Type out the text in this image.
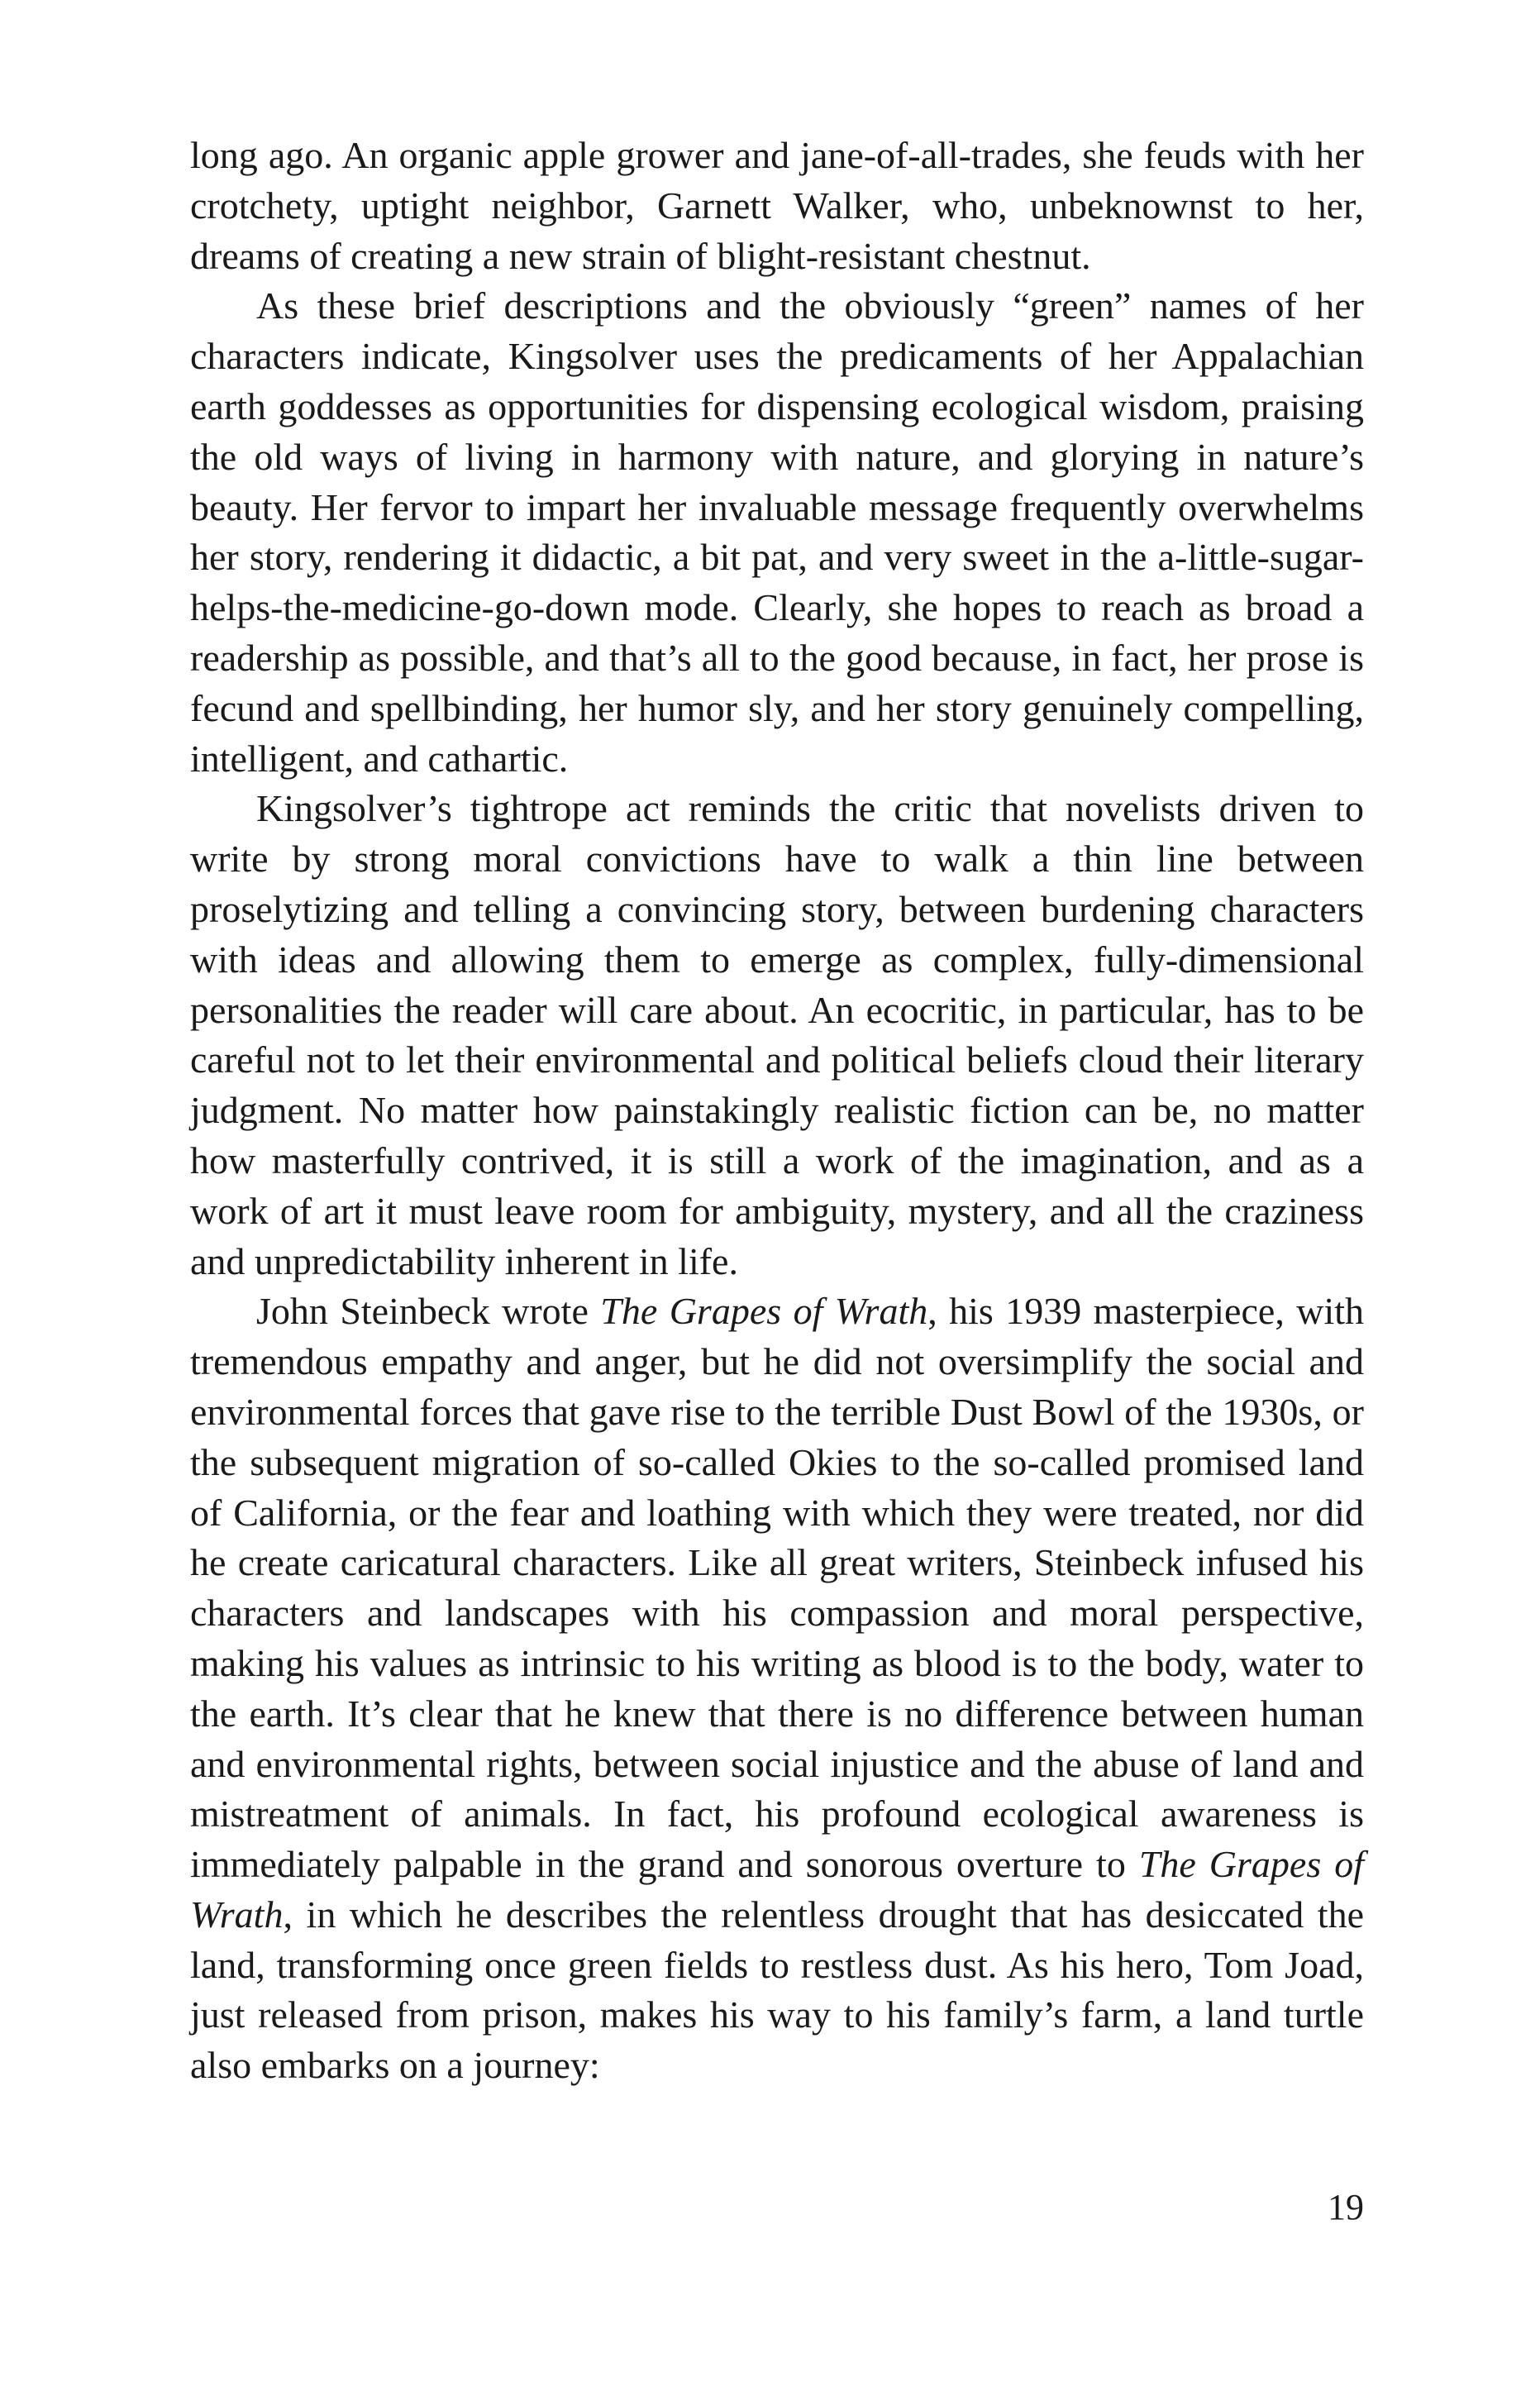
long ago. An organic apple grower and jane-of-all-trades, she feuds with her crotchety, uptight neighbor, Garnett Walker, who, unbeknownst to her, dreams of creating a new strain of blight-resistant chestnut.

As these brief descriptions and the obviously “green” names of her characters indicate, Kingsolver uses the predicaments of her Appalachian earth goddesses as opportunities for dispensing ecological wisdom, praising the old ways of living in harmony with nature, and glorying in nature’s beauty. Her fervor to impart her invaluable message frequently overwhelms her story, rendering it didactic, a bit pat, and very sweet in the a-little-sugar-helps-the-medicine-go-down mode. Clearly, she hopes to reach as broad a readership as possible, and that’s all to the good because, in fact, her prose is fecund and spellbinding, her humor sly, and her story genuinely compelling, intelligent, and cathartic.

Kingsolver’s tightrope act reminds the critic that novelists driven to write by strong moral convictions have to walk a thin line between proselytizing and telling a convincing story, between burdening characters with ideas and allowing them to emerge as complex, fully-dimensional personalities the reader will care about. An ecocritic, in particular, has to be careful not to let their environmental and political beliefs cloud their literary judgment. No matter how painstakingly realistic fiction can be, no matter how masterfully contrived, it is still a work of the imagination, and as a work of art it must leave room for ambiguity, mystery, and all the craziness and unpredictability inherent in life.

John Steinbeck wrote The Grapes of Wrath, his 1939 masterpiece, with tremendous empathy and anger, but he did not oversimplify the social and environmental forces that gave rise to the terrible Dust Bowl of the 1930s, or the subsequent migration of so-called Okies to the so-called promised land of California, or the fear and loathing with which they were treated, nor did he create caricatural characters. Like all great writers, Steinbeck infused his characters and landscapes with his compassion and moral perspective, making his values as intrinsic to his writing as blood is to the body, water to the earth. It’s clear that he knew that there is no difference between human and environmental rights, between social injustice and the abuse of land and mistreatment of animals. In fact, his profound ecological awareness is immediately palpable in the grand and sonorous overture to The Grapes of Wrath, in which he describes the relentless drought that has desiccated the land, transforming once green fields to restless dust. As his hero, Tom Joad, just released from prison, makes his way to his family’s farm, a land turtle also embarks on a journey:

19
